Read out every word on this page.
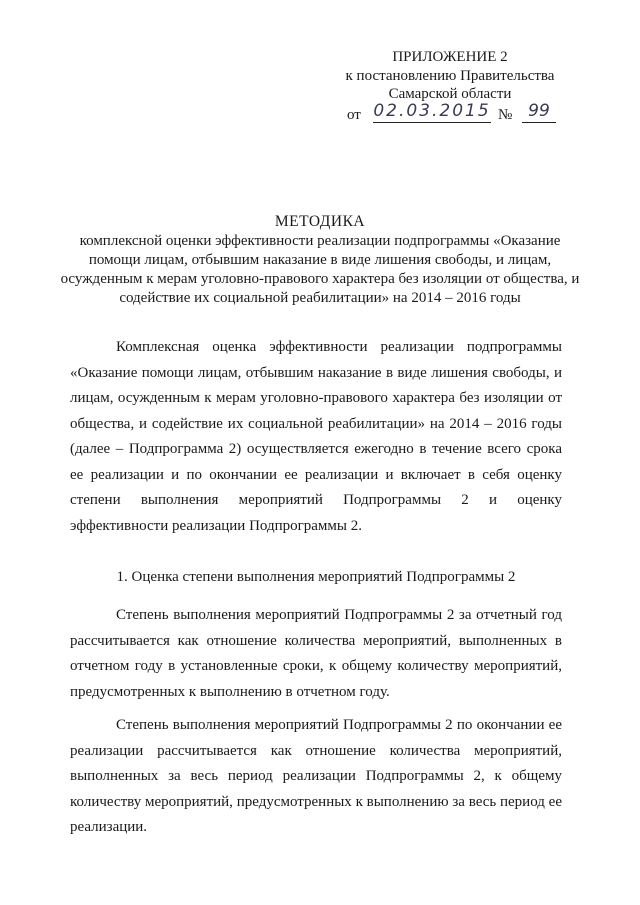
ПРИЛОЖЕНИЕ 2
к постановлению Правительства
Самарской области
от 02.03.2015 № 99
МЕТОДИКА
комплексной оценки эффективности реализации подпрограммы «Оказание помощи лицам, отбывшим наказание в виде лишения свободы, и лицам, осужденным к мерам уголовно-правового характера без изоляции от общества, и содействие их социальной реабилитации» на 2014 – 2016 годы

Комплексная оценка эффективности реализации подпрограммы «Оказание помощи лицам, отбывшим наказание в виде лишения свободы, и лицам, осужденным к мерам уголовно-правового характера без изоляции от общества, и содействие их социальной реабилитации» на 2014 – 2016 годы (далее – Подпрограмма 2) осуществляется ежегодно в течение всего срока ее реализации и по окончании ее реализации и включает в себя оценку степени выполнения мероприятий Подпрограммы 2 и оценку эффективности реализации Подпрограммы 2.

1. Оценка степени выполнения мероприятий Подпрограммы 2

Степень выполнения мероприятий Подпрограммы 2 за отчетный год рассчитывается как отношение количества мероприятий, выполненных в отчетном году в установленные сроки, к общему количеству мероприятий, предусмотренных к выполнению в отчетном году.

Степень выполнения мероприятий Подпрограммы 2 по окончании ее реализации рассчитывается как отношение количества мероприятий, выполненных за весь период реализации Подпрограммы 2, к общему количеству мероприятий, предусмотренных к выполнению за весь период ее реализации.
